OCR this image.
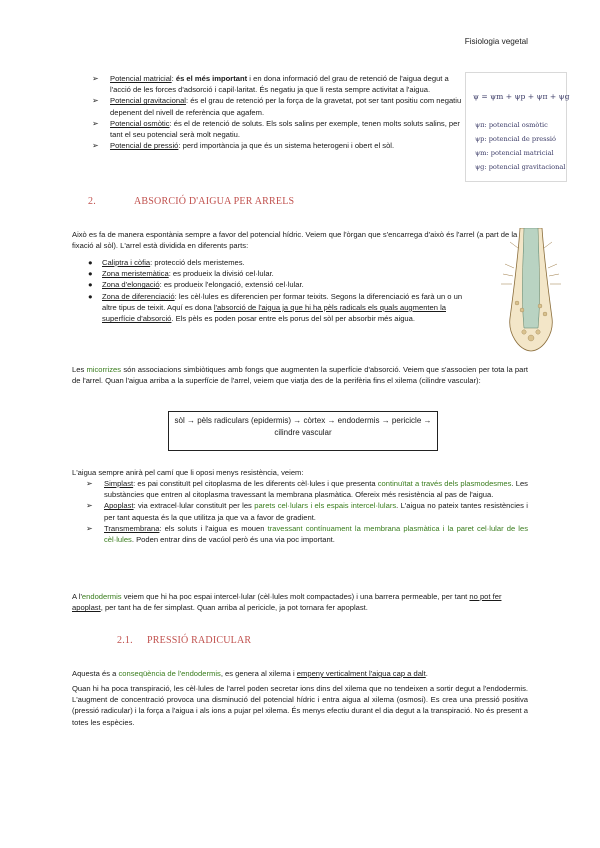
Fisiologia vegetal
➢ Potencial matricial: és el més important i en dona informació del grau de retenció de l'aigua degut a l'acció de les forces d'adsorció i capil·laritat. És negatiu ja que li resta sempre activitat a l'aigua.
➢ Potencial gravitacional: és el grau de retenció per la força de la gravetat, pot ser tant positiu com negatiu depenent del nivell de referència que agafem.
➢ Potencial osmòtic: és el de retenció de soluts. Els sols salins per exemple, tenen molts soluts salins, per tant el seu potencial serà molt negatiu.
➢ Potencial de pressió: perd importància ja que és un sistema heterogeni i obert el sòl.
ψ = ψm + ψp + ψπ + ψg
ψπ: potencial osmòtic
ψp: potencial de pressió
ψm: potencial matricial
ψg: potencial gravitacional
2.	ABSORCIÓ D'AIGUA PER ARRELS
Això es fa de manera espontània sempre a favor del potencial hídric. Veiem que l'òrgan que s'encarrega d'això és l'arrel (a part de la fixació al sòl). L'arrel està dividida en diferents parts:
● Caliptra i còfia: protecció dels meristemes.
● Zona meristemàtica: es produeix la divisió cel·lular.
● Zona d'elongació: es produeix l'elongació, extensió cel·lular.
● Zona de diferenciació: les cèl·lules es diferencien per formar teixits. Segons la diferenciació es farà un o un altre tipus de teixit. Aquí es dona l'absorció de l'aigua ja que hi ha pèls radicals els quals augmenten la superfície d'absorció. Els pèls es poden posar entre els porus del sòl per absorbir més aigua.
Les micorrizes són associacions simbiòtiques amb fongs que augmenten la superfície d'absorció. Veiem que s'associen per tota la part de l'arrel. Quan l'aigua arriba a la superfície de l'arrel, veiem que viatja des de la perifèria fins el xilema (cilindre vascular):
sòl → pèls radiculars (epidermis) → còrtex → endodermis → pericicle → cilindre vascular
L'aigua sempre anirà pel camí que li oposi menys resistència, veiem:
➢ Simplast: es pai constituït pel citoplasma de les diferents cèl·lules i que presenta continuïtat a través dels plasmodesmes. Les substàncies que entren al citoplasma travessant la membrana plasmàtica. Ofereix més resistència al pas de l'aigua.
➢ Apoplast: via extracel·lular constituït per les parets cel·lulars i els espais intercel·lulars. L'aigua no pateix tantes resistències i per tant aquesta és la que utilitza ja que va a favor de gradient.
➢ Transmembrana: els soluts i l'aigua es mouen travessant contínuament la membrana plasmàtica i la paret cel·lular de les cèl·lules. Poden entrar dins de vacúol però és una via poc important.
A l'endodermis veiem que hi ha poc espai intercel·lular (cèl·lules molt compactades) i una barrera permeable, per tant no pot fer apoplast, per tant ha de fer simplast. Quan arriba al pericicle, ja pot tornara fer apoplast.
2.1. PRESSIÓ RADICULAR
Aquesta és a conseqüència de l'endodermis, es genera al xilema i empeny verticalment l'aigua cap a dalt.
Quan hi ha poca transpiració, les cèl·lules de l'arrel poden secretar ions dins del xilema que no tendeixen a sortir degut a l'endodermis. L'augment de concentració provoca una disminució del potencial hídric i entra aigua al xilema (osmosi). Es crea una pressió positiva (pressió radicular) i la força a l'aigua i als ions a pujar pel xilema. És menys efectiu durant el dia degut a la transpiració. No és present a totes les espècies.
